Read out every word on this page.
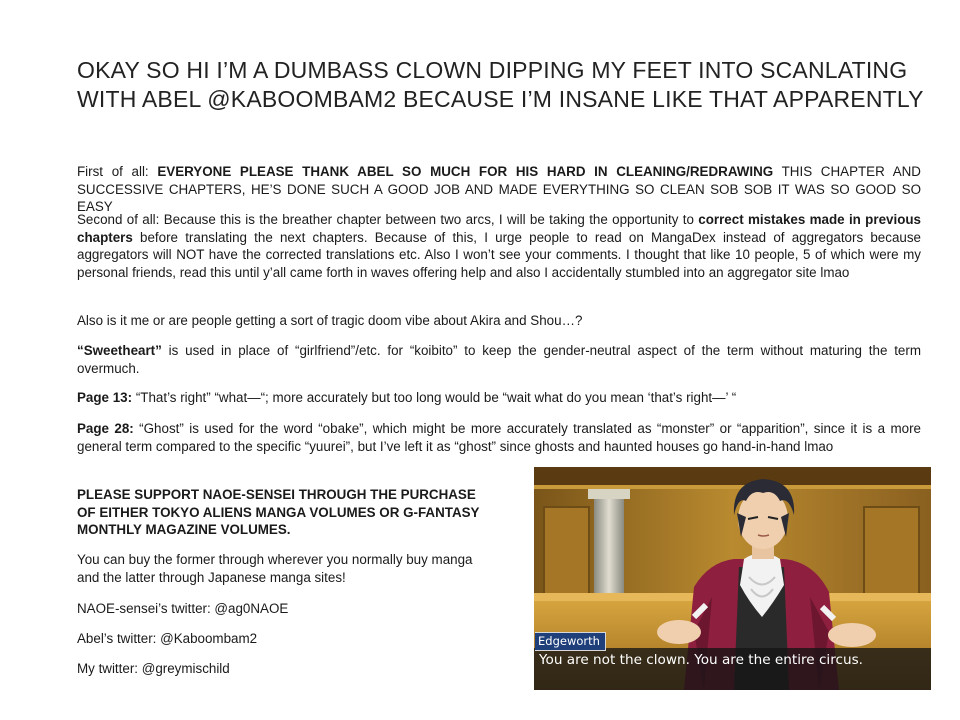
OKAY SO HI I’M A DUMBASS CLOWN DIPPING MY FEET INTO SCANLATING WITH ABEL @KABOOMBAM2 BECAUSE I’M INSANE LIKE THAT APPARENTLY

First of all: EVERYONE PLEASE THANK ABEL SO MUCH FOR HIS HARD IN CLEANING/REDRAWING THIS CHAPTER AND SUCCESSIVE CHAPTERS, HE’S DONE SUCH A GOOD JOB AND MADE EVERYTHING SO CLEAN SOB SOB IT WAS SO GOOD SO EASY

Second of all: Because this is the breather chapter between two arcs, I will be taking the opportunity to correct mistakes made in previous chapters before translating the next chapters. Because of this, I urge people to read on MangaDex instead of aggregators because aggregators will NOT have the corrected translations etc. Also I won’t see your comments. I thought that like 10 people, 5 of which were my personal friends, read this until y’all came forth in waves offering help and also I accidentally stumbled into an aggregator site lmao

Also is it me or are people getting a sort of tragic doom vibe about Akira and Shou…?

“Sweetheart” is used in place of “girlfriend”/etc. for “koibito” to keep the gender-neutral aspect of the term without maturing the term overmuch.

Page 13: “That’s right” “what—“; more accurately but too long would be “wait what do you mean ‘that’s right—’ “

Page 28: “Ghost” is used for the word “obake”, which might be more accurately translated as “monster” or “apparition”, since it is a more general term compared to the specific “yuurei”, but I’ve left it as “ghost” since ghosts and haunted houses go hand-in-hand lmao

PLEASE SUPPORT NAOE-SENSEI THROUGH THE PURCHASE OF EITHER TOKYO ALIENS MANGA VOLUMES OR G-FANTASY MONTHLY MAGAZINE VOLUMES.

You can buy the former through wherever you normally buy manga and the latter through Japanese manga sites!

NAOE-sensei’s twitter: @ag0NAOE

Abel’s twitter: @Kaboombam2

My twitter: @greymischild

Edgeworth
You are not the clown. You are the entire circus.
